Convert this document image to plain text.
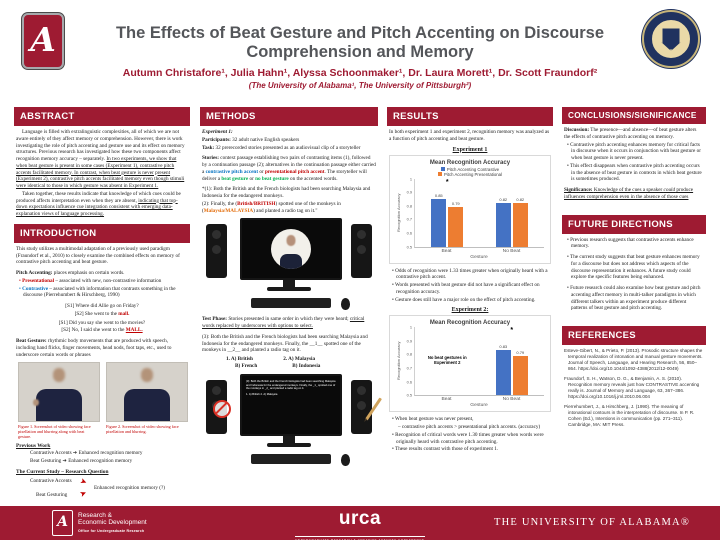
A	The Effects of Beat Gesture and Pitch Accenting on Discourse
Comprehension and Memory
Autumn Christafore¹, Julia Hahn¹, Alyssa Schoonmaker¹, Dr. Laura Morett¹, Dr. Scott Fraundorf²
(The University of Alabama¹, The University of Pittsburgh²)
ABSTRACT
Language is filled with extralinguistic complexities, all of which we are not aware entirely of they affect memory or comprehension. However, there is work investigating the role of pitch accenting and gesture use and its effect on memory structures. Previous research has investigated how these two components affect recognition memory accuracy – separately. In two experiments, we show that when beat gesture is present in some cases (Experiment 1), contrastive pitch accents facilitated memory. In contrast, when beat gesture is never present (Experiment 2), contrastive pitch accents facilitated memory even though stimuli were identical to those in which gesture was absent in Experiment 1.
Taken together, these results indicate that knowledge of which cues could be produced affects interpretation even when they are absent, indicating that top-down expectations influence cue integration consistent with emerging data-explanation views of language processing.
INTRODUCTION
This study utilizes a multimodal adaptation of a previously used paradigm (Fraundorf et al., 2010) to closely examine the combined effects on memory of contrastive pitch accenting and beat gesture.
Pitch Accenting: places emphasis on certain words.
• Presentational – associated with new, non-contrastive information
• Contrastive – associated with information that contrasts something in the discourse (Pierrehumbert & Hirschberg, 1990)
[S1] Where did Allie go on Friday?
[S2] She went to the mall.
[S1] Did you say she went to the movies?
[S2] No, I said she went to the MALL.
Beat Gesture: rhythmic body movements that are produced with speech, including hand flicks, finger movements, head nods, foot taps, etc., used to underscore certain words or phrases
Figure 1. Screenshot of video showing face pixellation and blurring along with beat gesture.
Figure 2. Screenshot of video showing face pixellation and blurring.
Previous Work
Contrastive Accents ➔ Enhanced recognition memory
Beat Gesturing ➔ Enhanced recognition memory
The Current Study – Research Question
Contrastive Accents
Beat Gesturing
➤
➤
Enhanced recognition memory (?)
METHODS
Experiment 1:
Participants: 32 adult native English speakers
Task: 32 prerecorded stories presented as an audiovisual clip of a storyteller
Stories: context passage establishing two pairs of contrasting items (1), followed by a continuation passage (2); alternatives in the continuation passage either carried a contrastive pitch accent or presentational pitch accent. The storyteller will deliver a beat gesture or no beat gesture on the accented words.
*(1): Both the British and the French biologists had been searching Malaysia and Indonesia for the endangered monkeys.
(2): Finally, the (British/BRITISH) spotted one of the monkeys in (Malaysia/MALAYSIA) and planted a radio tag on it."
Test Phase: Stories presented in same order in which they were heard; critical words replaced by underscores with options to select.
(3): Both the British and the French biologists had been searching Malaysia and Indonesia for the endangered monkeys. Finally, the __1__ spotted one of the monkeys in __2__ and planted a radio tag on it.
1. A) British
B) French
2. A) Malaysia
B) Indonesia
(3): Both the British and the French biologists had been searching Malaysia and Indonesia for the endangered monkeys. Finally, the _1_ spotted one of the monkeys in _2_ and planted a radio tag on it.
1. A) British 2. A) Malaysia
RESULTS
In both experiment 1 and experiment 2, recognition memory was analyzed as a function of pitch accenting and beat gesture.
Experiment 1
Mean Recognition Accuracy
Pitch Accenting Contrastive
Pitch Accenting Presentational
Recognition Accuracy
1
0.9
0.8
0.7
0.6
0.5
0.85
0.79
0.82 0.82
*
Beat	No Beat
Gesture
• Odds of recognition were 1.33 times greater when originally heard with a contrastive pitch accent.
• Words presented with beat gesture did not have a significant effect on recognition accuracy.
• Gesture does still have a major role on the effect of pitch accenting.
Experiment 2:
Mean Recognition Accuracy
Recognition Accuracy
1
0.9
0.8
0.7
0.6
0.5
0.83
0.79
*
No beat gestures in Experiment 2
Beat	No Beat
Gesture
• When beat gesture was never present,
– contrastive pitch accents > presentational pitch accents. (accuracy)
• Recognition of critical words were 1.30 times greater when words were originally heard with contrastive pitch accenting.
• These results contrast with those of experiment 1.
CONCLUSIONS/SIGNIFICANCE
Discussion: The presence—and absence—of beat gesture alters the effects of contrastive pitch accenting on memory.
• Contrastive pitch accenting enhances memory for critical facts in discourse when it occurs in conjunction with beat gesture or when beat gesture is never present.
• This effect disappears when contrastive pitch accenting occurs in the absence of beat gesture in contexts in which beat gesture is sometimes produced.
Significance: Knowledge of the cues a speaker could produce influences comprehension even in the absence of those cues
FUTURE DIRECTIONS
• Previous research suggests that contrastive accents enhance memory.
• The current study suggests that beat gesture enhances memory for a discourse but does not address which aspects of the discourse representation it enhances. A future study could explore the specific features being enhanced.
• Future research could also examine how beat gesture and pitch accenting affect memory in multi-talker paradigms in which different talkers within an experiment produce different patterns of beat gesture and pitch accenting.
REFERENCES
Esteve-Gibert, N., & Prieto, P. (2013). Prosodic structure shapes the temporal realization of intonation and manual gesture movements. Journal of Speech, Language, and Hearing Research, 56, 850–864. https://doi.org/10.1044/1092-4388(2012/12-0049)
Fraundorf, S. H., Watson, D. G., & Benjamin, A. S. (2010). Recognition memory reveals just how CONTRASTIVE accenting really is. Journal of Memory and Language, 63, 367–386. https://doi.org/10.1016/j.jml.2010.06.004
Pierrehumbert, J., & Hirschberg, J. (1990). The meaning of intonational contours in the interpretation of discourse. In P. R. Cohen (Ed.), Intentions in communication (pp. 271–311). Cambridge, MA: MIT Press.
A Research &
Economic Development
Office for Undergraduate Research
urca
UNDERGRADUATE RESEARCH & CREATIVE ACTIVITY CONFERENCE
THE UNIVERSITY OF ALABAMA®
